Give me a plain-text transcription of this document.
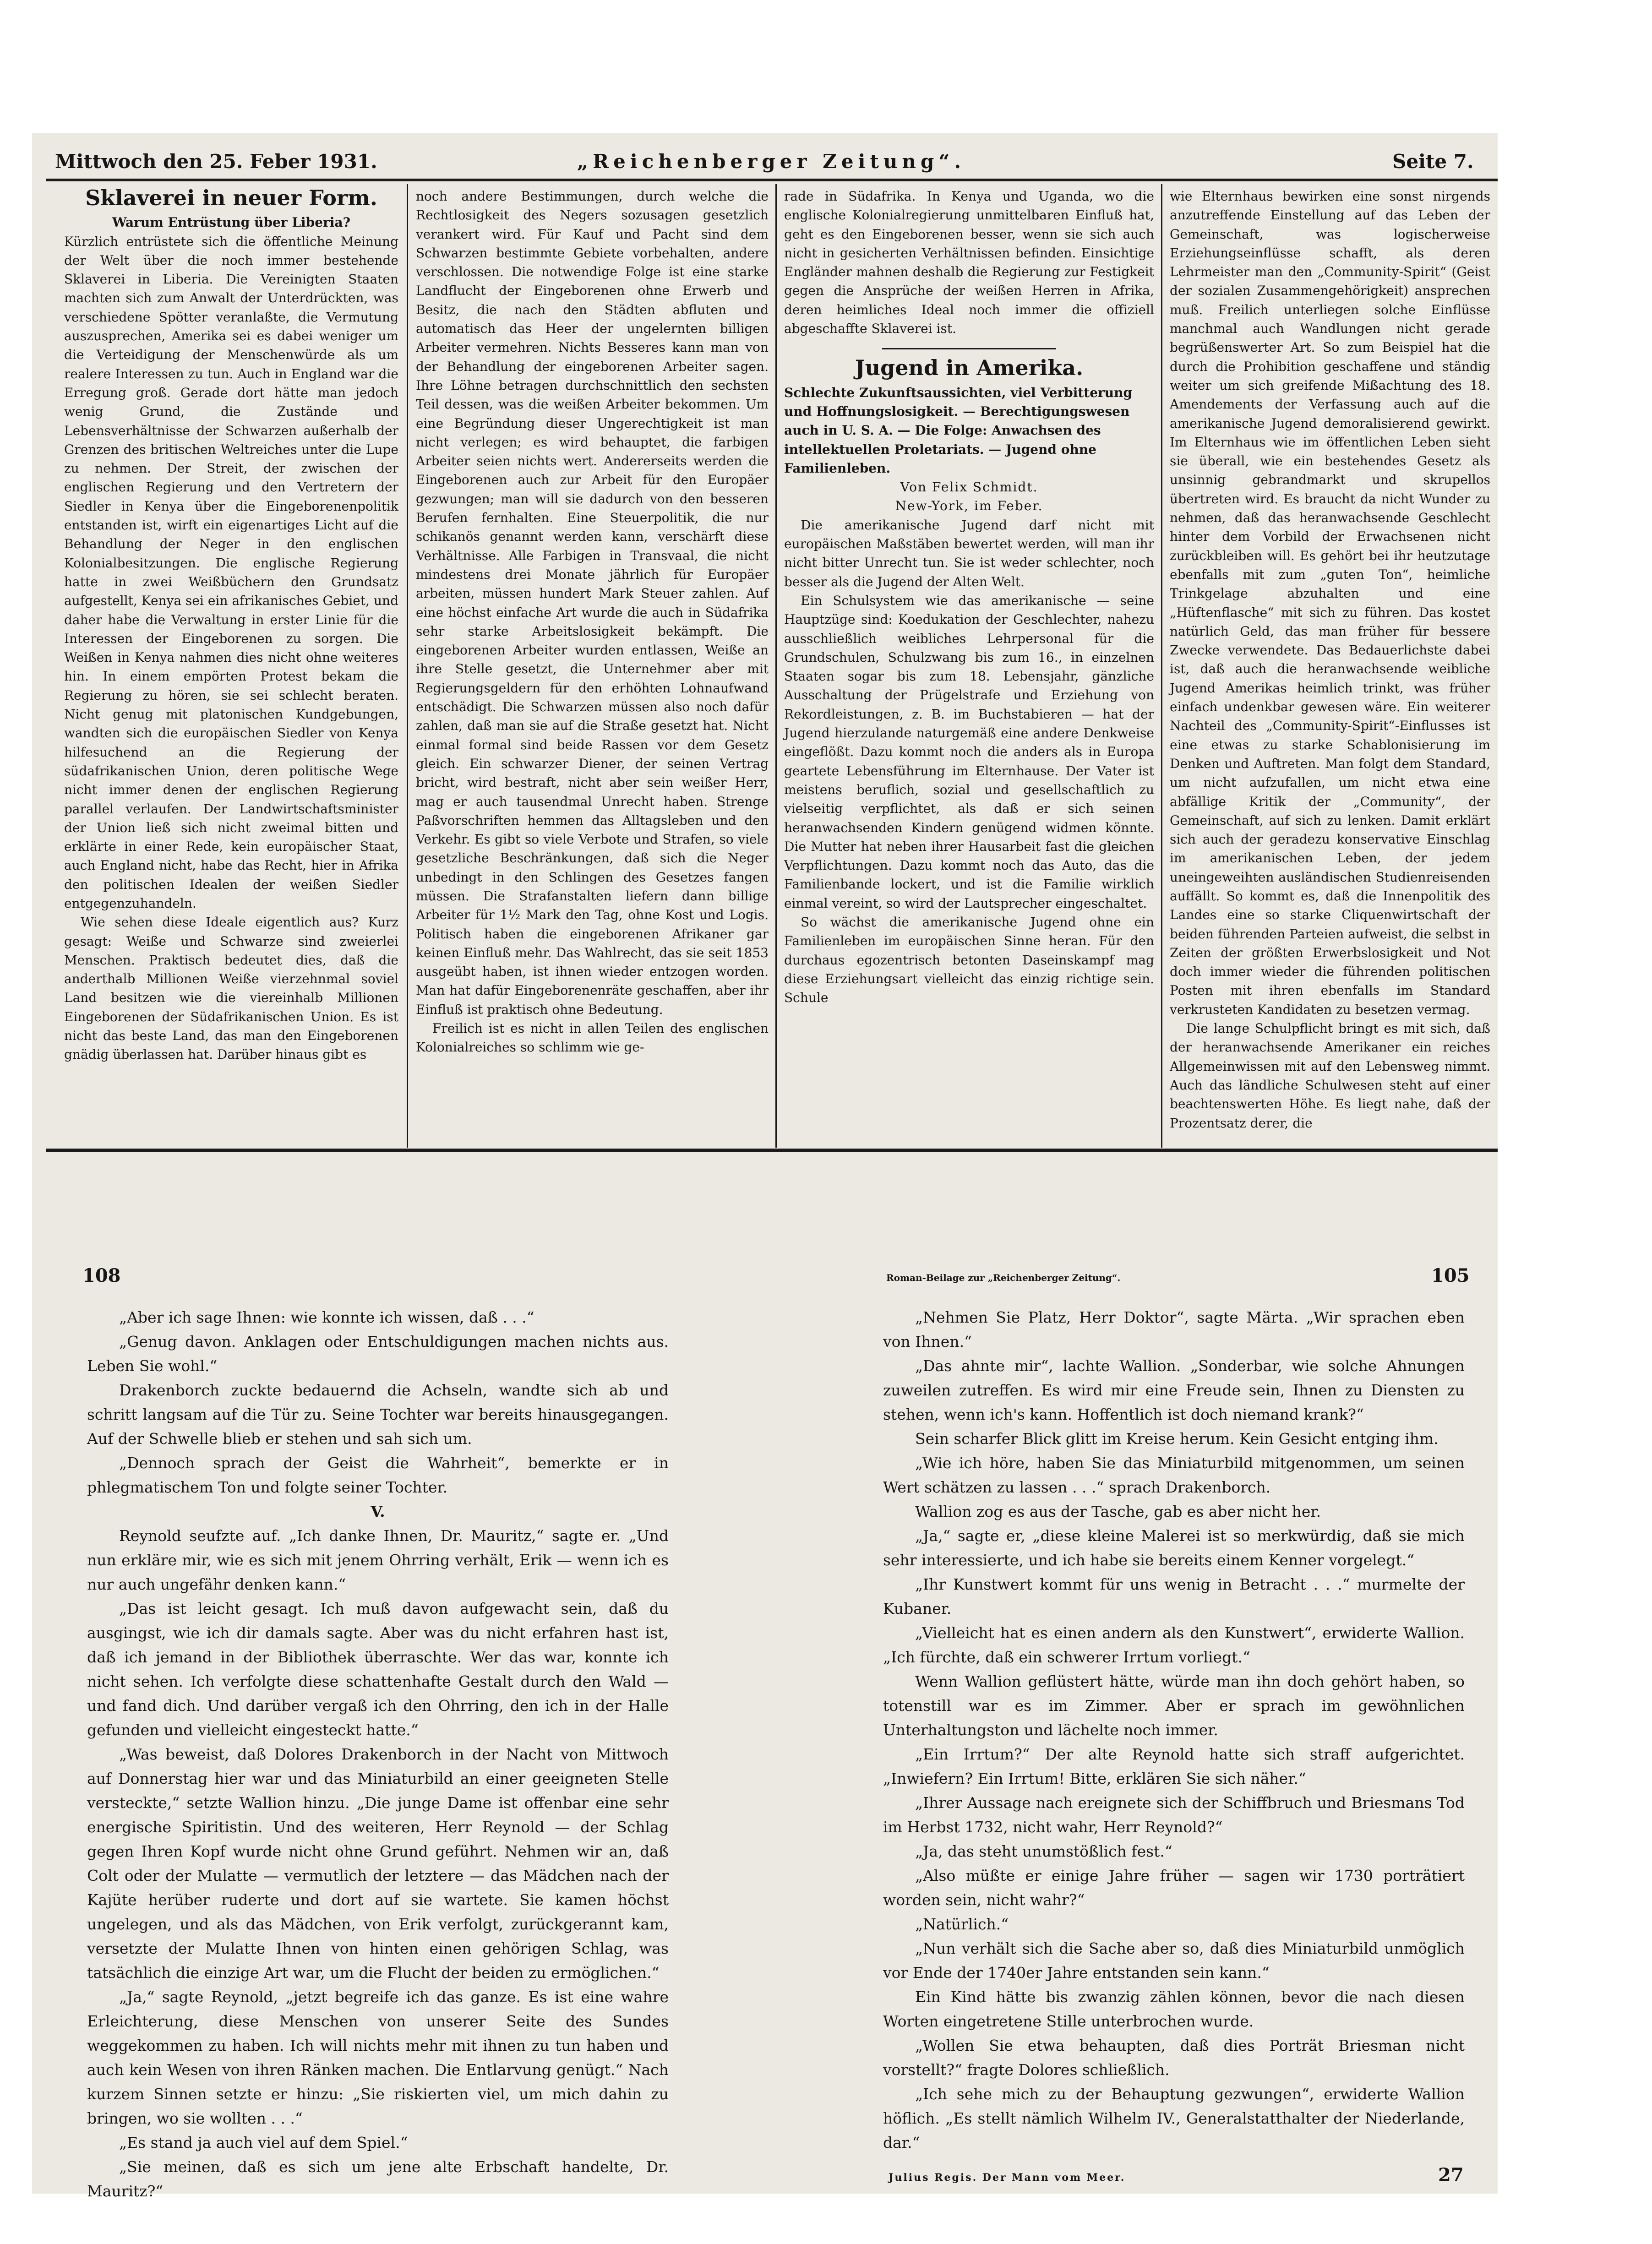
Mittwoch den 25. Feber 1931.	„Reichenberger Zeitung“.	Seite 7.
Sklaverei in neuer Form.

Warum Entrüstung über Liberia?

Kürzlich entrüstete sich die öffentliche Meinung der Welt über die noch immer bestehende Sklaverei in Liberia. Die Vereinigten Staaten machten sich zum Anwalt der Unterdrückten, was verschiedene Spötter veranlaßte, die Vermutung auszusprechen, Amerika sei es dabei weniger um die Verteidigung der Menschenwürde als um realere Interessen zu tun. Auch in England war die Erregung groß. Gerade dort hätte man jedoch wenig Grund, die Zustände und Lebensverhältnisse der Schwarzen außerhalb der Grenzen des britischen Weltreiches unter die Lupe zu nehmen. Der Streit, der zwischen der englischen Regierung und den Vertretern der Siedler in Kenya über die Eingeborenenpolitik entstanden ist, wirft ein eigenartiges Licht auf die Behandlung der Neger in den englischen Kolonialbesitzungen. Die englische Regierung hatte in zwei Weißbüchern den Grundsatz aufgestellt, Kenya sei ein afrikanisches Gebiet, und daher habe die Verwaltung in erster Linie für die Interessen der Eingeborenen zu sorgen. Die Weißen in Kenya nahmen dies nicht ohne weiteres hin. In einem empörten Protest bekam die Regierung zu hören, sie sei schlecht beraten. Nicht genug mit platonischen Kundgebungen, wandten sich die europäischen Siedler von Kenya hilfesuchend an die Regierung der südafrikanischen Union, deren politische Wege nicht immer denen der englischen Regierung parallel verlaufen. Der Landwirtschaftsminister der Union ließ sich nicht zweimal bitten und erklärte in einer Rede, kein europäischer Staat, auch England nicht, habe das Recht, hier in Afrika den politischen Idealen der weißen Siedler entgegenzuhandeln.

Wie sehen diese Ideale eigentlich aus? Kurz gesagt: Weiße und Schwarze sind zweierlei Menschen. Praktisch bedeutet dies, daß die anderthalb Millionen Weiße vierzehnmal soviel Land besitzen wie die viereinhalb Millionen Eingeborenen der Südafrikanischen Union. Es ist nicht das beste Land, das man den Eingeborenen gnädig überlassen hat. Darüber hinaus gibt es

noch andere Bestimmungen, durch welche die Rechtlosigkeit des Negers sozusagen gesetzlich verankert wird. Für Kauf und Pacht sind dem Schwarzen bestimmte Gebiete vorbehalten, andere verschlossen. Die notwendige Folge ist eine starke Landflucht der Eingeborenen ohne Erwerb und Besitz, die nach den Städten abfluten und automatisch das Heer der ungelernten billigen Arbeiter vermehren. Nichts Besseres kann man von der Behandlung der eingeborenen Arbeiter sagen. Ihre Löhne betragen durchschnittlich den sechsten Teil dessen, was die weißen Arbeiter bekommen. Um eine Begründung dieser Ungerechtigkeit ist man nicht verlegen; es wird behauptet, die farbigen Arbeiter seien nichts wert. Andererseits werden die Eingeborenen auch zur Arbeit für den Europäer gezwungen; man will sie dadurch von den besseren Berufen fernhalten. Eine Steuerpolitik, die nur schikanös genannt werden kann, verschärft diese Verhältnisse. Alle Farbigen in Transvaal, die nicht mindestens drei Monate jährlich für Europäer arbeiten, müssen hundert Mark Steuer zahlen. Auf eine höchst einfache Art wurde die auch in Südafrika sehr starke Arbeitslosigkeit bekämpft. Die eingeborenen Arbeiter wurden entlassen, Weiße an ihre Stelle gesetzt, die Unternehmer aber mit Regierungsgeldern für den erhöhten Lohnaufwand entschädigt. Die Schwarzen müssen also noch dafür zahlen, daß man sie auf die Straße gesetzt hat. Nicht einmal formal sind beide Rassen vor dem Gesetz gleich. Ein schwarzer Diener, der seinen Vertrag bricht, wird bestraft, nicht aber sein weißer Herr, mag er auch tausendmal Unrecht haben. Strenge Paßvorschriften hemmen das Alltagsleben und den Verkehr. Es gibt so viele Verbote und Strafen, so viele gesetzliche Beschränkungen, daß sich die Neger unbedingt in den Schlingen des Gesetzes fangen müssen. Die Strafanstalten liefern dann billige Arbeiter für 1½ Mark den Tag, ohne Kost und Logis. Politisch haben die eingeborenen Afrikaner gar keinen Einfluß mehr. Das Wahlrecht, das sie seit 1853 ausgeübt haben, ist ihnen wieder entzogen worden. Man hat dafür Eingeborenenräte geschaffen, aber ihr Einfluß ist praktisch ohne Bedeutung.

Freilich ist es nicht in allen Teilen des englischen Kolonialreiches so schlimm wie ge-

rade in Südafrika. In Kenya und Uganda, wo die englische Kolonialregierung unmittelbaren Einfluß hat, geht es den Eingeborenen besser, wenn sie sich auch nicht in gesicherten Verhältnissen befinden. Einsichtige Engländer mahnen deshalb die Regierung zur Festigkeit gegen die Ansprüche der weißen Herren in Afrika, deren heimliches Ideal noch immer die offiziell abgeschaffte Sklaverei ist.

Jugend in Amerika.

Schlechte Zukunftsaussichten, viel Verbitterung und Hoffnungslosigkeit. — Berechtigungswesen auch in U. S. A. — Die Folge: Anwachsen des intellektuellen Proletariats. — Jugend ohne Familienleben.

Von Felix Schmidt.

New-York, im Feber.

Die amerikanische Jugend darf nicht mit europäischen Maßstäben bewertet werden, will man ihr nicht bitter Unrecht tun. Sie ist weder schlechter, noch besser als die Jugend der Alten Welt.

Ein Schulsystem wie das amerikanische — seine Hauptzüge sind: Koedukation der Geschlechter, nahezu ausschließlich weibliches Lehrpersonal für die Grundschulen, Schulzwang bis zum 16., in einzelnen Staaten sogar bis zum 18. Lebensjahr, gänzliche Ausschaltung der Prügelstrafe und Erziehung von Rekordleistungen, z. B. im Buchstabieren — hat der Jugend hierzulande naturgemäß eine andere Denkweise eingeflößt. Dazu kommt noch die anders als in Europa geartete Lebensführung im Elternhause. Der Vater ist meistens beruflich, sozial und gesellschaftlich zu vielseitig verpflichtet, als daß er sich seinen heranwachsenden Kindern genügend widmen könnte. Die Mutter hat neben ihrer Hausarbeit fast die gleichen Verpflichtungen. Dazu kommt noch das Auto, das die Familienbande lockert, und ist die Familie wirklich einmal vereint, so wird der Lautsprecher eingeschaltet.

So wächst die amerikanische Jugend ohne ein Familienleben im europäischen Sinne heran. Für den durchaus egozentrisch betonten Daseinskampf mag diese Erziehungsart vielleicht das einzig richtige sein. Schule

wie Elternhaus bewirken eine sonst nirgends anzutreffende Einstellung auf das Leben der Gemeinschaft, was logischerweise Erziehungseinflüsse schafft, als deren Lehrmeister man den „Community-Spirit“ (Geist der sozialen Zusammengehörigkeit) ansprechen muß. Freilich unterliegen solche Einflüsse manchmal auch Wandlungen nicht gerade begrüßenswerter Art. So zum Beispiel hat die durch die Prohibition geschaffene und ständig weiter um sich greifende Mißachtung des 18. Amendements der Verfassung auch auf die amerikanische Jugend demoralisierend gewirkt. Im Elternhaus wie im öffentlichen Leben sieht sie überall, wie ein bestehendes Gesetz als unsinnig gebrandmarkt und skrupellos übertreten wird. Es braucht da nicht Wunder zu nehmen, daß das heranwachsende Geschlecht hinter dem Vorbild der Erwachsenen nicht zurückbleiben will. Es gehört bei ihr heutzutage ebenfalls mit zum „guten Ton“, heimliche Trinkgelage abzuhalten und eine „Hüftenflasche“ mit sich zu führen. Das kostet natürlich Geld, das man früher für bessere Zwecke verwendete. Das Bedauerlichste dabei ist, daß auch die heranwachsende weibliche Jugend Amerikas heimlich trinkt, was früher einfach undenkbar gewesen wäre. Ein weiterer Nachteil des „Community-Spirit“-Einflusses ist eine etwas zu starke Schablonisierung im Denken und Auftreten. Man folgt dem Standard, um nicht aufzufallen, um nicht etwa eine abfällige Kritik der „Community“, der Gemeinschaft, auf sich zu lenken. Damit erklärt sich auch der geradezu konservative Einschlag im amerikanischen Leben, der jedem uneingeweihten ausländischen Studienreisenden auffällt. So kommt es, daß die Innenpolitik des Landes eine so starke Cliquenwirtschaft der beiden führenden Parteien aufweist, die selbst in Zeiten der größten Erwerbslosigkeit und Not doch immer wieder die führenden politischen Posten mit ihren ebenfalls im Standard verkrusteten Kandidaten zu besetzen vermag.

Die lange Schulpflicht bringt es mit sich, daß der heranwachsende Amerikaner ein reiches Allgemeinwissen mit auf den Lebensweg nimmt. Auch das ländliche Schulwesen steht auf einer beachtenswerten Höhe. Es liegt nahe, daß der Prozentsatz derer, die

108	105
Roman-Beilage zur „Reichenberger Zeitung“.

„Aber ich sage Ihnen: wie konnte ich wissen, daß . . .“

„Genug davon. Anklagen oder Entschuldigungen machen nichts aus. Leben Sie wohl.“

Drakenborch zuckte bedauernd die Achseln, wandte sich ab und schritt langsam auf die Tür zu. Seine Tochter war bereits hinausgegangen. Auf der Schwelle blieb er stehen und sah sich um.

„Dennoch sprach der Geist die Wahrheit“, bemerkte er in phlegmatischem Ton und folgte seiner Tochter.

V.

Reynold seufzte auf. „Ich danke Ihnen, Dr. Mauritz,“ sagte er. „Und nun erkläre mir, wie es sich mit jenem Ohrring verhält, Erik — wenn ich es nur auch ungefähr denken kann.“

„Das ist leicht gesagt. Ich muß davon aufgewacht sein, daß du ausgingst, wie ich dir damals sagte. Aber was du nicht erfahren hast ist, daß ich jemand in der Bibliothek überraschte. Wer das war, konnte ich nicht sehen. Ich verfolgte diese schattenhafte Gestalt durch den Wald — und fand dich. Und darüber vergaß ich den Ohrring, den ich in der Halle gefunden und vielleicht eingesteckt hatte.“

„Was beweist, daß Dolores Drakenborch in der Nacht von Mittwoch auf Donnerstag hier war und das Miniaturbild an einer geeigneten Stelle versteckte,“ setzte Wallion hinzu. „Die junge Dame ist offenbar eine sehr energische Spiritistin. Und des weiteren, Herr Reynold — der Schlag gegen Ihren Kopf wurde nicht ohne Grund geführt. Nehmen wir an, daß Colt oder der Mulatte — vermutlich der letztere — das Mädchen nach der Kajüte herüber ruderte und dort auf sie wartete. Sie kamen höchst ungelegen, und als das Mädchen, von Erik verfolgt, zurückgerannt kam, versetzte der Mulatte Ihnen von hinten einen gehörigen Schlag, was tatsächlich die einzige Art war, um die Flucht der beiden zu ermöglichen.“

„Ja,“ sagte Reynold, „jetzt begreife ich das ganze. Es ist eine wahre Erleichterung, diese Menschen von unserer Seite des Sundes weggekommen zu haben. Ich will nichts mehr mit ihnen zu tun haben und auch kein Wesen von ihren Ränken machen. Die Entlarvung genügt.“ Nach kurzem Sinnen setzte er hinzu: „Sie riskierten viel, um mich dahin zu bringen, wo sie wollten . . .“

„Es stand ja auch viel auf dem Spiel.“

„Sie meinen, daß es sich um jene alte Erbschaft handelte, Dr. Mauritz?“

„Nehmen Sie Platz, Herr Doktor“, sagte Märta. „Wir sprachen eben von Ihnen.“

„Das ahnte mir“, lachte Wallion. „Sonderbar, wie solche Ahnungen zuweilen zutreffen. Es wird mir eine Freude sein, Ihnen zu Diensten zu stehen, wenn ich's kann. Hoffentlich ist doch niemand krank?“

Sein scharfer Blick glitt im Kreise herum. Kein Gesicht entging ihm.

„Wie ich höre, haben Sie das Miniaturbild mitgenommen, um seinen Wert schätzen zu lassen . . .“ sprach Drakenborch.

Wallion zog es aus der Tasche, gab es aber nicht her.

„Ja,“ sagte er, „diese kleine Malerei ist so merkwürdig, daß sie mich sehr interessierte, und ich habe sie bereits einem Kenner vorgelegt.“

„Ihr Kunstwert kommt für uns wenig in Betracht . . .“ murmelte der Kubaner.

„Vielleicht hat es einen andern als den Kunstwert“, erwiderte Wallion. „Ich fürchte, daß ein schwerer Irrtum vorliegt.“

Wenn Wallion geflüstert hätte, würde man ihn doch gehört haben, so totenstill war es im Zimmer. Aber er sprach im gewöhnlichen Unterhaltungston und lächelte noch immer.

„Ein Irrtum?“ Der alte Reynold hatte sich straff aufgerichtet. „Inwiefern? Ein Irrtum! Bitte, erklären Sie sich näher.“

„Ihrer Aussage nach ereignete sich der Schiffbruch und Briesmans Tod im Herbst 1732, nicht wahr, Herr Reynold?“

„Ja, das steht unumstößlich fest.“

„Also müßte er einige Jahre früher — sagen wir 1730 porträtiert worden sein, nicht wahr?“

„Natürlich.“

„Nun verhält sich die Sache aber so, daß dies Miniaturbild unmöglich vor Ende der 1740er Jahre entstanden sein kann.“

Ein Kind hätte bis zwanzig zählen können, bevor die nach diesen Worten eingetretene Stille unterbrochen wurde.

„Wollen Sie etwa behaupten, daß dies Porträt Briesman nicht vorstellt?“ fragte Dolores schließlich.

„Ich sehe mich zu der Behauptung gezwungen“, erwiderte Wallion höflich. „Es stellt nämlich Wilhelm IV., Generalstatthalter der Niederlande, dar.“

Julius Regis. Der Mann vom Meer.	27
